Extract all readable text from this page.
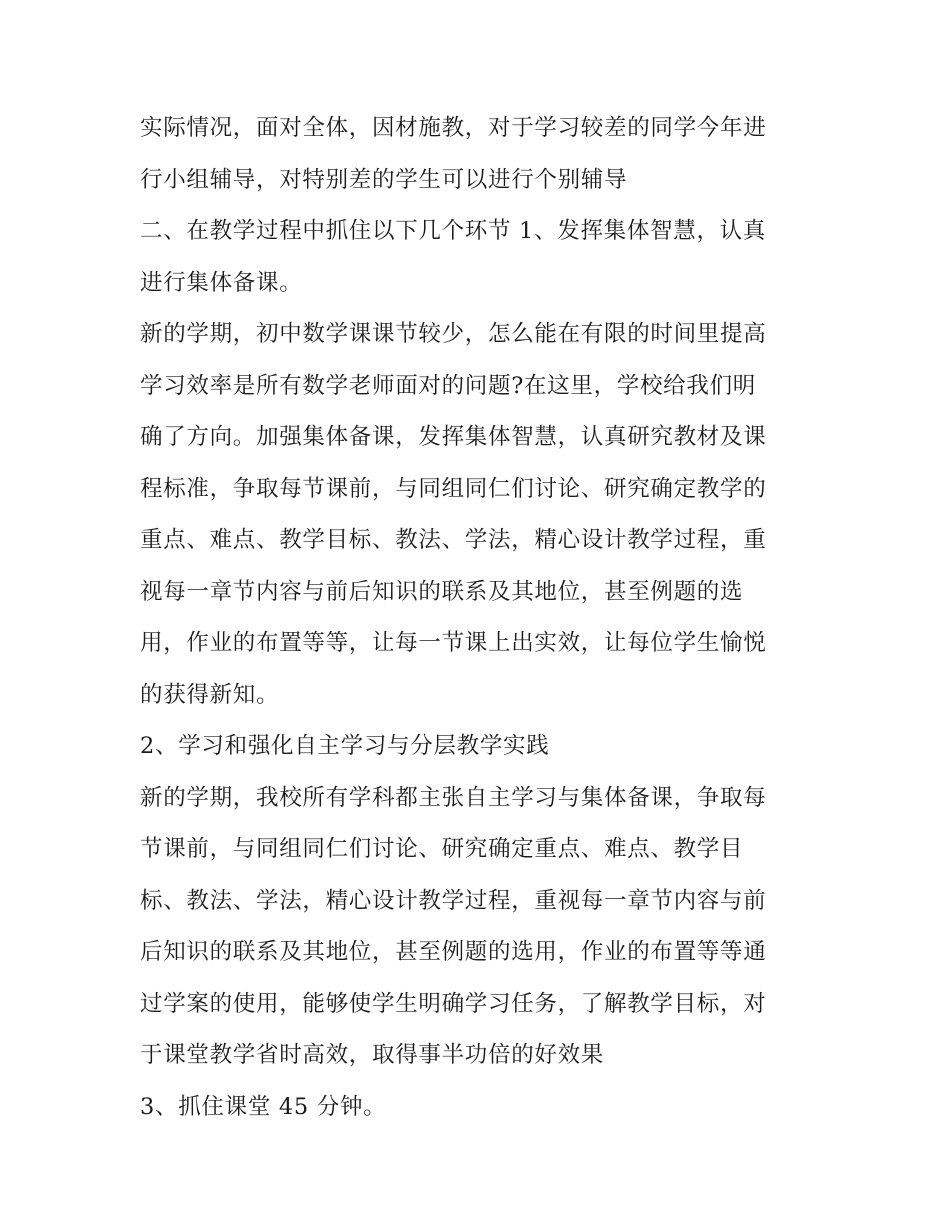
实际情况，面对全体，因材施教，对于学习较差的同学今年进
行小组辅导，对特别差的学生可以进行个别辅导
二、在教学过程中抓住以下几个环节 1、发挥集体智慧，认真
进行集体备课。
新的学期，初中数学课课节较少，怎么能在有限的时间里提高
学习效率是所有数学老师面对的问题?在这里，学校给我们明
确了方向。加强集体备课，发挥集体智慧，认真研究教材及课
程标准，争取每节课前，与同组同仁们讨论、研究确定教学的
重点、难点、教学目标、教法、学法，精心设计教学过程，重
视每一章节内容与前后知识的联系及其地位，甚至例题的选
用，作业的布置等等，让每一节课上出实效，让每位学生愉悦
的获得新知。
2、学习和强化自主学习与分层教学实践
新的学期，我校所有学科都主张自主学习与集体备课，争取每
节课前，与同组同仁们讨论、研究确定重点、难点、教学目
标、教法、学法，精心设计教学过程，重视每一章节内容与前
后知识的联系及其地位，甚至例题的选用，作业的布置等等通
过学案的使用，能够使学生明确学习任务，了解教学目标，对
于课堂教学省时高效，取得事半功倍的好效果
3、抓住课堂 45 分钟。
